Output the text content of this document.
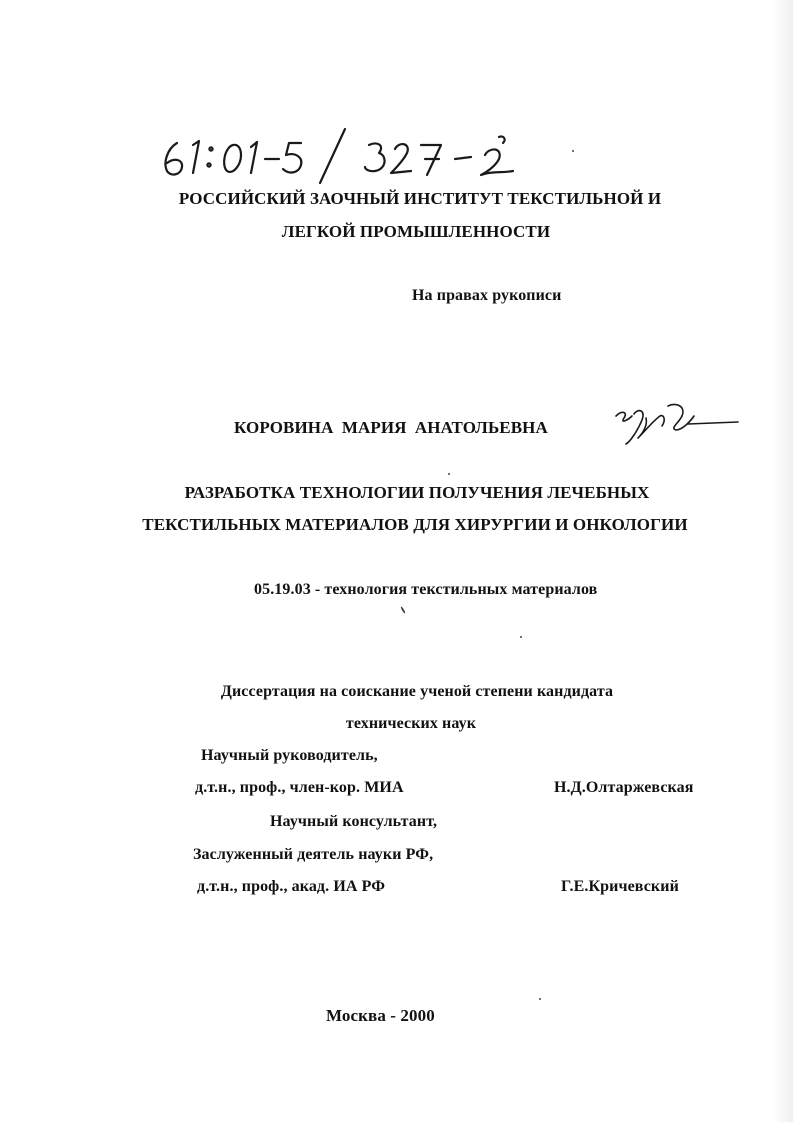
РОССИЙСКИЙ ЗАОЧНЫЙ ИНСТИТУТ ТЕКСТИЛЬНОЙ И
ЛЕГКОЙ ПРОМЫШЛЕННОСТИ
На правах рукописи
КОРОВИНА МАРИЯ АНАТОЛЬЕВНА
РАЗРАБОТКА ТЕХНОЛОГИИ ПОЛУЧЕНИЯ ЛЕЧЕБНЫХ
ТЕКСТИЛЬНЫХ МАТЕРИАЛОВ ДЛЯ ХИРУРГИИ И ОНКОЛОГИИ
05.19.03 - технология текстильных материалов
Диссертация на соискание ученой степени кандидата
технических наук
Научный руководитель,
д.т.н., проф., член-кор. МИА	Н.Д.Олтаржевская
Научный консультант,
Заслуженный деятель науки РФ,
д.т.н., проф., акад. ИА РФ	Г.Е.Кричевский
Москва - 2000
